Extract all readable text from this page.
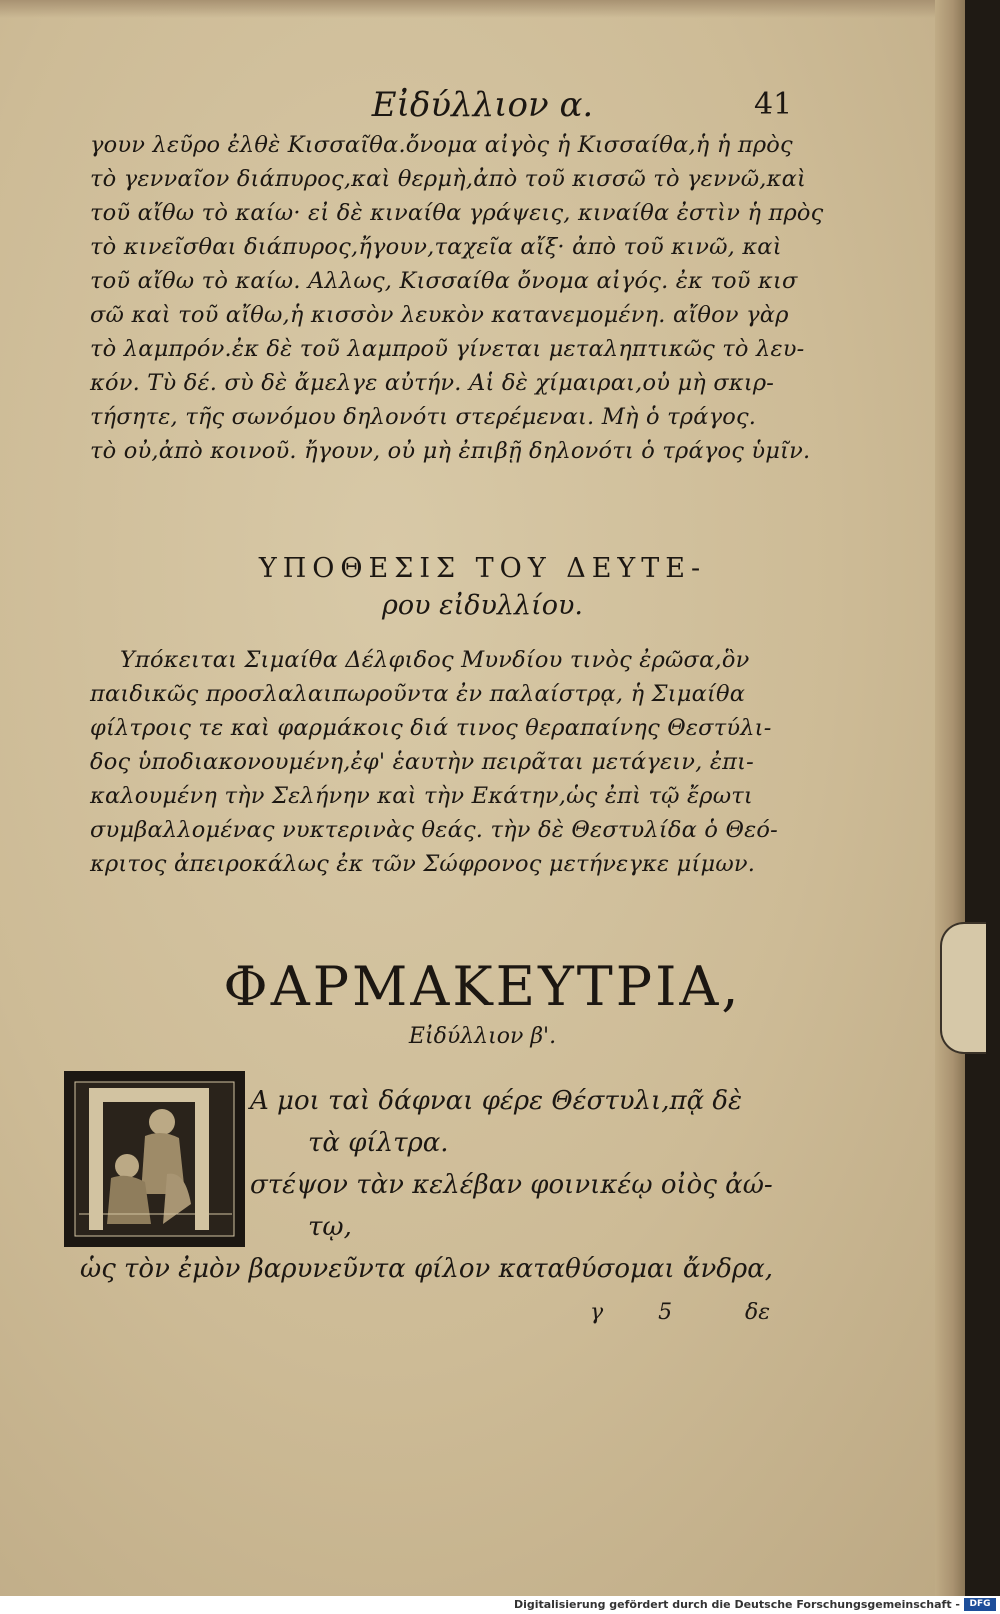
Εἰδύλλιον α.	41
γουν λεῦρο ἐλθὲ Κισσαῖθα.ὄνομα αἰγὸς ἡ Κισσαίθα,ἡ ἡ πρὸς
τὸ γενναῖον διάπυρος,καὶ θερμὴ,ἀπὸ τοῦ κισσῶ τὸ γεννῶ,καὶ
τοῦ αἴθω τὸ καίω· εἰ δὲ κιναίθα γράψεις, κιναίθα ἐστὶν ἡ πρὸς
τὸ κινεῖσθαι διάπυρος,ἤγουν,ταχεῖα αἴξ· ἀπὸ τοῦ κινῶ, καὶ
τοῦ αἴθω τὸ καίω. Αλλως, Κισσαίθα ὄνομα αἰγός. ἐκ τοῦ κισ
σῶ καὶ τοῦ αἴθω,ἡ κισσὸν λευκὸν καταvεμομένη. αἴθον γὰρ
τὸ λαμπρόν.ἐκ δὲ τοῦ λαμπροῦ γίνεται μεταληπτικῶς τὸ λευ-
κόν. Τὺ δέ. σὺ δὲ ἄμελγε αὐτήν. Αἱ δὲ χίμαιραι,οὐ μὴ σκιρ-
τήσητε, τῆς σωνόμου δηλονότι στερέμεναι. Μὴ ὁ τράγος.
τὸ οὐ,ἀπὸ κοινοῦ. ἤγουν, οὐ μὴ ἐπιβῇ δηλονότι ὁ τράγος ὑμῖν.
ΥΠΟΘΕΣΙΣ ΤΟΥ ΔΕΥΤΕ-
ρου εἰδυλλίου.
Υπόκειται Σιμαίθα Δέλφιδος Μυνδίου τινὸς ἐρῶσα,ὃν
παιδικῶς προσλαλαιπωροῦντα ἐν παλαίστρᾳ, ἡ Σιμαίθα
φίλτροις τε καὶ φαρμάκοις διά τινος θεραπαίνης Θεστύλι-
δος ὑποδιακονουμένη,ἐφ' ἑαυτὴν πειρᾶται μετάγειν, ἐπι-
καλουμένη τὴν Σελήνην καὶ τὴν Εκάτην,ὡς ἐπὶ τῷ ἔρωτι
συμβαλλομένας νυκτερινὰς θεάς. τὴν δὲ Θεστυλίδα ὁ Θεό-
κριτος ἀπειροκάλως ἐκ τῶν Σώφρονος μετήνεγκε μίμων.
ΦΑΡΜΑΚΕΥΤΡΙΑ,
Εἰδύλλιον β'.
Α μοι ταὶ δάφναι φέρε Θέστυλι,πᾷ δὲ
τὰ φίλτρα.
στέψον τὰν κελέβαν φοινικέῳ οἰὸς ἀώ-
τῳ,
ὡς τὸν ἐμὸν βαρυνεῦντα φίλον καταθύσομαι ἄνδρα,
γ 5 δε
Digitalisierung gefördert durch die Deutsche Forschungsgemeinschaft -	DFG
